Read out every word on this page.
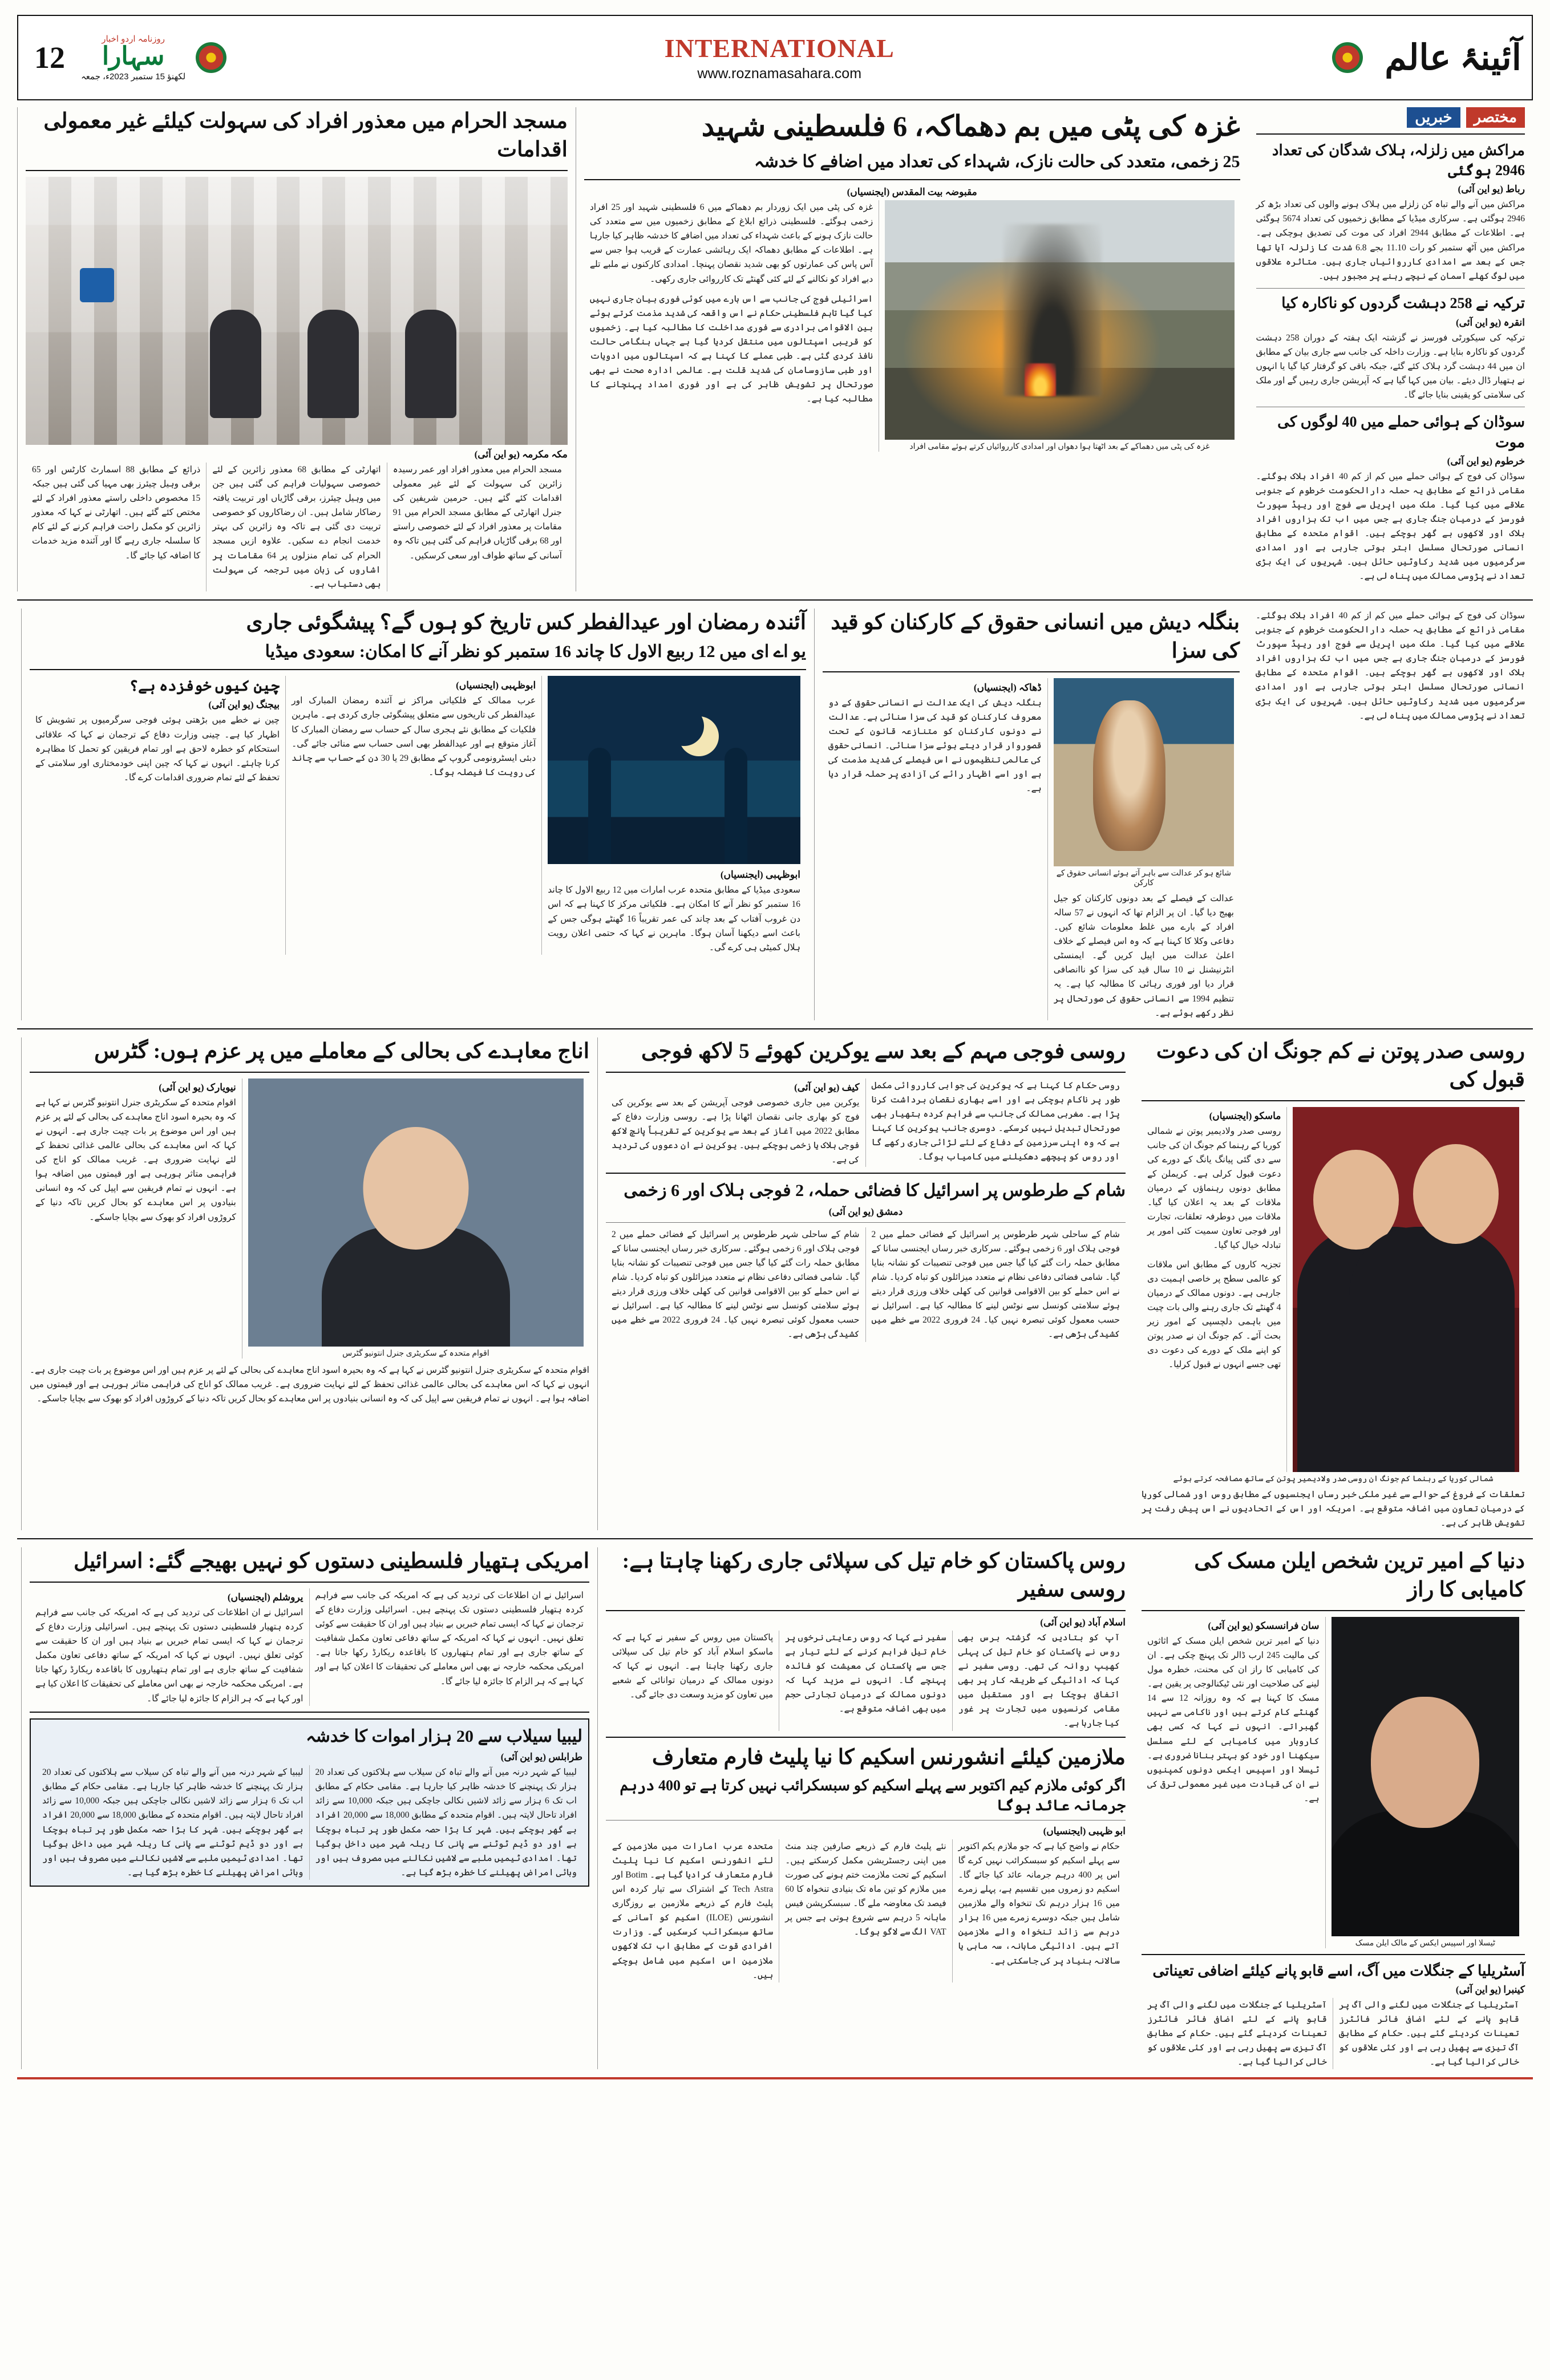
12
روزنامہ اردو اخبار
سہارا
لکھنؤ 15 ستمبر 2023ء، جمعہ
INTERNATIONAL
www.roznamasahara.com	آئینۂ عالم
مختصر
خبریں
مراکش میں زلزلہ، ہلاک شدگان کی تعداد 2946 ہوگئی
رباط (یو این آئی)
مراکش میں آنے والے تباہ کن زلزلے میں ہلاک ہونے والوں کی تعداد بڑھ کر 2946 ہوگئی ہے۔ سرکاری میڈیا کے مطابق زخمیوں کی تعداد 5674 ہوگئی ہے۔ اطلاعات کے مطابق 2944 افراد کی موت کی تصدیق ہوچکی ہے۔ مراکش میں آٹھ ستمبر کو رات 11.10 بجے 6.8 شدت کا زلزلہ آیا تھا جس کے بعد سے امدادی کارروائیاں جاری ہیں۔ متاثرہ علاقوں میں لوگ کھلے آسمان کے نیچے رہنے پر مجبور ہیں۔
ترکیہ نے 258 دہشت گردوں کو ناکارہ کیا
انقرہ (یو این آئی)
ترکیہ کی سیکورٹی فورسز نے گزشتہ ایک ہفتہ کے دوران 258 دہشت گردوں کو ناکارہ بنایا ہے۔ وزارت داخلہ کی جانب سے جاری بیان کے مطابق ان میں 44 دہشت گرد ہلاک کئے گئے، جبکہ باقی کو گرفتار کیا گیا یا انہوں نے ہتھیار ڈال دیئے۔ بیان میں کہا گیا ہے کہ آپریشن جاری رہیں گے اور ملک کی سلامتی کو یقینی بنایا جائے گا۔
سوڈان کے ہوائی حملے میں 40 لوگوں کی موت
خرطوم (یو این آئی)
سوڈان کی فوج کے ہوائی حملے میں کم از کم 40 افراد ہلاک ہوگئے۔ مقامی ذرائع کے مطابق یہ حملہ دارالحکومت خرطوم کے جنوبی علاقے میں کیا گیا۔ ملک میں اپریل سے فوج اور ریپڈ سپورٹ فورسز کے درمیان جنگ جاری ہے جس میں اب تک ہزاروں افراد ہلاک اور لاکھوں بے گھر ہوچکے ہیں۔ اقوام متحدہ کے مطابق انسانی صورتحال مسلسل ابتر ہوتی جارہی ہے اور امدادی سرگرمیوں میں شدید رکاوٹیں حائل ہیں۔ شہریوں کی ایک بڑی تعداد نے پڑوسی ممالک میں پناہ لی ہے۔
غزہ کی پٹی میں بم دھماکہ، 6 فلسطینی شہید
25 زخمی، متعدد کی حالت نازک، شہداء کی تعداد میں اضافے کا خدشہ
مقبوضہ بیت المقدس (ایجنسیاں)
غزہ کی پٹی میں دھماکے کے بعد اٹھتا ہوا دھواں اور امدادی کارروائیاں کرتے ہوئے مقامی افراد
غزہ کی پٹی میں ایک زوردار بم دھماکے میں 6 فلسطینی شہید اور 25 افراد زخمی ہوگئے۔ فلسطینی ذرائع ابلاغ کے مطابق زخمیوں میں سے متعدد کی حالت نازک ہونے کے باعث شہداء کی تعداد میں اضافے کا خدشہ ظاہر کیا جارہا ہے۔ اطلاعات کے مطابق دھماکہ ایک رہائشی عمارت کے قریب ہوا جس سے آس پاس کی عمارتوں کو بھی شدید نقصان پہنچا۔ امدادی کارکنوں نے ملبے تلے دبے افراد کو نکالنے کے لئے کئی گھنٹے تک کارروائی جاری رکھی۔
اسرائیلی فوج کی جانب سے اس بارے میں کوئی فوری بیان جاری نہیں کیا گیا تاہم فلسطینی حکام نے اس واقعہ کی شدید مذمت کرتے ہوئے بین الاقوامی برادری سے فوری مداخلت کا مطالبہ کیا ہے۔ زخمیوں کو قریبی اسپتالوں میں منتقل کردیا گیا ہے جہاں ہنگامی حالت نافذ کردی گئی ہے۔ طبی عملے کا کہنا ہے کہ اسپتالوں میں ادویات اور طبی سازوسامان کی شدید قلت ہے۔ عالمی ادارہ صحت نے بھی صورتحال پر تشویش ظاہر کی ہے اور فوری امداد پہنچانے کا مطالبہ کیا ہے۔
مسجد الحرام میں معذور افراد کی سہولت کیلئے غیر معمولی اقدامات
مکہ مکرمہ (یو این آئی)
مسجد الحرام میں معذور افراد اور عمر رسیدہ زائرین کی سہولت کے لئے غیر معمولی اقدامات کئے گئے ہیں۔ حرمین شریفین کی جنرل اتھارٹی کے مطابق مسجد الحرام میں 91 مقامات پر معذور افراد کے لئے خصوصی راستے اور 68 برقی گاڑیاں فراہم کی گئی ہیں تاکہ وہ آسانی کے ساتھ طواف اور سعی کرسکیں۔
اتھارٹی کے مطابق 68 معذور زائرین کے لئے خصوصی سہولیات فراہم کی گئی ہیں جن میں وہیل چیئرز، برقی گاڑیاں اور تربیت یافتہ رضاکار شامل ہیں۔ ان رضاکاروں کو خصوصی تربیت دی گئی ہے تاکہ وہ زائرین کی بہتر خدمت انجام دے سکیں۔ علاوہ ازیں مسجد الحرام کی تمام منزلوں پر 64 مقامات پر اشاروں کی زبان میں ترجمہ کی سہولت بھی دستیاب ہے۔
ذرائع کے مطابق 88 اسمارٹ کارٹس اور 65 برقی وہیل چیئرز بھی مہیا کی گئی ہیں جبکہ 15 مخصوص داخلی راستے معذور افراد کے لئے مختص کئے گئے ہیں۔ اتھارٹی نے کہا کہ معذور زائرین کو مکمل راحت فراہم کرنے کے لئے کام کا سلسلہ جاری رہے گا اور آئندہ مزید خدمات کا اضافہ کیا جائے گا۔
سوڈان کی فوج کے ہوائی حملے میں کم از کم 40 افراد ہلاک ہوگئے۔ مقامی ذرائع کے مطابق یہ حملہ دارالحکومت خرطوم کے جنوبی علاقے میں کیا گیا۔ ملک میں اپریل سے فوج اور ریپڈ سپورٹ فورسز کے درمیان جنگ جاری ہے جس میں اب تک ہزاروں افراد ہلاک اور لاکھوں بے گھر ہوچکے ہیں۔ اقوام متحدہ کے مطابق انسانی صورتحال مسلسل ابتر ہوتی جارہی ہے اور امدادی سرگرمیوں میں شدید رکاوٹیں حائل ہیں۔ شہریوں کی ایک بڑی تعداد نے پڑوسی ممالک میں پناہ لی ہے۔
بنگلہ دیش میں انسانی حقوق کے کارکنان کو قید کی سزا
شائع ہو کر عدالت سے باہر آتے ہوئے انسانی حقوق کے کارکن
عدالت کے فیصلے کے بعد دونوں کارکنان کو جیل بھیج دیا گیا۔ ان پر الزام تھا کہ انہوں نے 57 سالہ افراد کے بارے میں غلط معلومات شائع کیں۔ دفاعی وکلا کا کہنا ہے کہ وہ اس فیصلے کے خلاف اعلیٰ عدالت میں اپیل کریں گے۔ ایمنسٹی انٹرنیشنل نے 10 سال قید کی سزا کو ناانصافی قرار دیا اور فوری رہائی کا مطالبہ کیا ہے۔ یہ تنظیم 1994 سے انسانی حقوق کی صورتحال پر نظر رکھے ہوئے ہے۔
ڈھاکہ (ایجنسیاں)
بنگلہ دیش کی ایک عدالت نے انسانی حقوق کے دو معروف کارکنان کو قید کی سزا سنائی ہے۔ عدالت نے دونوں کارکنان کو متنازعہ قانون کے تحت قصوروار قرار دیتے ہوئے سزا سنائی۔ انسانی حقوق کی عالمی تنظیموں نے اس فیصلے کی شدید مذمت کی ہے اور اسے اظہار رائے کی آزادی پر حملہ قرار دیا ہے۔
آئندہ رمضان اور عیدالفطر کس تاریخ کو ہوں گے؟ پیشگوئی جاری
یو اے ای میں 12 ربیع الاول کا چاند 16 ستمبر کو نظر آنے کا امکان: سعودی میڈیا
ابوظہبی (ایجنسیاں)
سعودی میڈیا کے مطابق متحدہ عرب امارات میں 12 ربیع الاول کا چاند 16 ستمبر کو نظر آنے کا امکان ہے۔ فلکیاتی مرکز کا کہنا ہے کہ اس دن غروب آفتاب کے بعد چاند کی عمر تقریباً 16 گھنٹے ہوگی جس کے باعث اسے دیکھنا آسان ہوگا۔ ماہرین نے کہا کہ حتمی اعلان رویت ہلال کمیٹی ہی کرے گی۔
ابوظہبی (ایجنسیاں)
عرب ممالک کے فلکیاتی مراکز نے آئندہ رمضان المبارک اور عیدالفطر کی تاریخوں سے متعلق پیشگوئی جاری کردی ہے۔ ماہرین فلکیات کے مطابق نئے ہجری سال کے حساب سے رمضان المبارک کا آغاز متوقع ہے اور عیدالفطر بھی اسی حساب سے منائی جائے گی۔ دبئی ایسٹرونومی گروپ کے مطابق 29 یا 30 دن کے حساب سے چاند کی رویت کا فیصلہ ہوگا۔
چین کیوں خوفزدہ ہے؟
بیجنگ (یو این آئی)
چین نے خطے میں بڑھتی ہوئی فوجی سرگرمیوں پر تشویش کا اظہار کیا ہے۔ چینی وزارت دفاع کے ترجمان نے کہا کہ علاقائی استحکام کو خطرہ لاحق ہے اور تمام فریقین کو تحمل کا مظاہرہ کرنا چاہئے۔ انہوں نے کہا کہ چین اپنی خودمختاری اور سلامتی کے تحفظ کے لئے تمام ضروری اقدامات کرے گا۔
روسی صدر پوتن نے کم جونگ ان کی دعوت قبول کی
ماسکو (ایجنسیاں)
روسی صدر ولادیمیر پوتن نے شمالی کوریا کے رہنما کم جونگ ان کی جانب سے دی گئی پیانگ یانگ کے دورے کی دعوت قبول کرلی ہے۔ کریملن کے مطابق دونوں رہنماؤں کے درمیان ملاقات کے بعد یہ اعلان کیا گیا۔ ملاقات میں دوطرفہ تعلقات، تجارت اور فوجی تعاون سمیت کئی امور پر تبادلہ خیال کیا گیا۔
تجزیہ کاروں کے مطابق اس ملاقات کو عالمی سطح پر خاصی اہمیت دی جارہی ہے۔ دونوں ممالک کے درمیان 4 گھنٹے تک جاری رہنے والی بات چیت میں باہمی دلچسپی کے امور زیر بحث آئے۔ کم جونگ ان نے صدر پوتن کو اپنے ملک کے دورے کی دعوت دی تھی جسے انہوں نے قبول کرلیا۔
شمالی کوریا کے رہنما کم جونگ ان روسی صدر ولادیمیر پوتن کے ساتھ مصافحہ کرتے ہوئے
تعلقات کے فروغ کے حوالے سے غیر ملکی خبر رساں ایجنسیوں کے مطابق روس اور شمالی کوریا کے درمیان تعاون میں اضافہ متوقع ہے۔ امریکہ اور اس کے اتحادیوں نے اس پیش رفت پر تشویش ظاہر کی ہے۔
روسی فوجی مہم کے بعد سے یوکرین کھوئے 5 لاکھ فوجی
روسی حکام کا کہنا ہے کہ یوکرین کی جوابی کارروائی مکمل طور پر ناکام ہوچکی ہے اور اسے بھاری نقصان برداشت کرنا پڑا ہے۔ مغربی ممالک کی جانب سے فراہم کردہ ہتھیار بھی صورتحال تبدیل نہیں کرسکے۔ دوسری جانب یوکرین کا کہنا ہے کہ وہ اپنی سرزمین کے دفاع کے لئے لڑائی جاری رکھے گا اور روس کو پیچھے دھکیلنے میں کامیاب ہوگا۔
کیف (یو این آئی)
یوکرین میں جاری خصوصی فوجی آپریشن کے بعد سے یوکرین کی فوج کو بھاری جانی نقصان اٹھانا پڑا ہے۔ روسی وزارت دفاع کے مطابق 2022 میں آغاز کے بعد سے یوکرین کے تقریباً پانچ لاکھ فوجی ہلاک یا زخمی ہوچکے ہیں۔ یوکرین نے ان دعووں کی تردید کی ہے۔
شام کے طرطوس پر اسرائیل کا فضائی حملہ، 2 فوجی ہلاک اور 6 زخمی
دمشق (یو این آئی)
شام کے ساحلی شہر طرطوس پر اسرائیل کے فضائی حملے میں 2 فوجی ہلاک اور 6 زخمی ہوگئے۔ سرکاری خبر رساں ایجنسی سانا کے مطابق حملہ رات گئے کیا گیا جس میں فوجی تنصیبات کو نشانہ بنایا گیا۔ شامی فضائی دفاعی نظام نے متعدد میزائلوں کو تباہ کردیا۔ شام نے اس حملے کو بین الاقوامی قوانین کی کھلی خلاف ورزی قرار دیتے ہوئے سلامتی کونسل سے نوٹس لینے کا مطالبہ کیا ہے۔ اسرائیل نے حسب معمول کوئی تبصرہ نہیں کیا۔ 24 فروری 2022 سے خطے میں کشیدگی بڑھی ہے۔
شام کے ساحلی شہر طرطوس پر اسرائیل کے فضائی حملے میں 2 فوجی ہلاک اور 6 زخمی ہوگئے۔ سرکاری خبر رساں ایجنسی سانا کے مطابق حملہ رات گئے کیا گیا جس میں فوجی تنصیبات کو نشانہ بنایا گیا۔ شامی فضائی دفاعی نظام نے متعدد میزائلوں کو تباہ کردیا۔ شام نے اس حملے کو بین الاقوامی قوانین کی کھلی خلاف ورزی قرار دیتے ہوئے سلامتی کونسل سے نوٹس لینے کا مطالبہ کیا ہے۔ اسرائیل نے حسب معمول کوئی تبصرہ نہیں کیا۔ 24 فروری 2022 سے خطے میں کشیدگی بڑھی ہے۔
اناج معاہدے کی بحالی کے معاملے میں پر عزم ہوں: گٹرس
اقوام متحدہ کے سکریٹری جنرل انتونیو گٹرس
نیویارک (یو این آئی)
اقوام متحدہ کے سکریٹری جنرل انتونیو گٹرس نے کہا ہے کہ وہ بحیرہ اسود اناج معاہدے کی بحالی کے لئے پر عزم ہیں اور اس موضوع پر بات چیت جاری ہے۔ انہوں نے کہا کہ اس معاہدے کی بحالی عالمی غذائی تحفظ کے لئے نہایت ضروری ہے۔ غریب ممالک کو اناج کی فراہمی متاثر ہورہی ہے اور قیمتوں میں اضافہ ہوا ہے۔ انہوں نے تمام فریقین سے اپیل کی کہ وہ انسانی بنیادوں پر اس معاہدے کو بحال کریں تاکہ دنیا کے کروڑوں افراد کو بھوک سے بچایا جاسکے۔
اقوام متحدہ کے سکریٹری جنرل انتونیو گٹرس نے کہا ہے کہ وہ بحیرہ اسود اناج معاہدے کی بحالی کے لئے پر عزم ہیں اور اس موضوع پر بات چیت جاری ہے۔ انہوں نے کہا کہ اس معاہدے کی بحالی عالمی غذائی تحفظ کے لئے نہایت ضروری ہے۔ غریب ممالک کو اناج کی فراہمی متاثر ہورہی ہے اور قیمتوں میں اضافہ ہوا ہے۔ انہوں نے تمام فریقین سے اپیل کی کہ وہ انسانی بنیادوں پر اس معاہدے کو بحال کریں تاکہ دنیا کے کروڑوں افراد کو بھوک سے بچایا جاسکے۔
دنیا کے امیر ترین شخص ایلن مسک کی کامیابی کا راز
ٹیسلا اور اسپیس ایکس کے مالک ایلن مسک
سان فرانسسکو (یو این آئی)
دنیا کے امیر ترین شخص ایلن مسک کے اثاثوں کی مالیت 245 ارب ڈالر تک پہنچ چکی ہے۔ ان کی کامیابی کا راز ان کی محنت، خطرہ مول لینے کی صلاحیت اور نئی ٹیکنالوجی پر یقین ہے۔ مسک کا کہنا ہے کہ وہ روزانہ 12 سے 14 گھنٹے کام کرتے ہیں اور ناکامی سے نہیں گھبراتے۔ انہوں نے کہا کہ کسی بھی کاروبار میں کامیابی کے لئے مسلسل سیکھنا اور خود کو بہتر بنانا ضروری ہے۔ ٹیسلا اور اسپیس ایکس دونوں کمپنیوں نے ان کی قیادت میں غیر معمولی ترقی کی ہے۔
آسٹریلیا کے جنگلات میں آگ، اسے قابو پانے کیلئے اضافی تعیناتی
کینبرا (یو این آئی)
آسٹریلیا کے جنگلات میں لگنے والی آگ پر قابو پانے کے لئے اضافی فائر فائٹرز تعینات کردیئے گئے ہیں۔ حکام کے مطابق آگ تیزی سے پھیل رہی ہے اور کئی علاقوں کو خالی کرالیا گیا ہے۔
آسٹریلیا کے جنگلات میں لگنے والی آگ پر قابو پانے کے لئے اضافی فائر فائٹرز تعینات کردیئے گئے ہیں۔ حکام کے مطابق آگ تیزی سے پھیل رہی ہے اور کئی علاقوں کو خالی کرالیا گیا ہے۔
روس پاکستان کو خام تیل کی سپلائی جاری رکھنا چاہتا ہے: روسی سفیر
اسلام آباد (یو این آئی)
آپ کو بتادیں کہ گزشتہ برس بھی روس نے پاکستان کو خام تیل کی پہلی کھیپ روانہ کی تھی۔ روسی سفیر نے کہا کہ ادائیگی کے طریقہ کار پر بھی اتفاق ہوچکا ہے اور مستقبل میں مقامی کرنسیوں میں تجارت پر غور کیا جارہا ہے۔
سفیر نے کہا کہ روس رعایتی نرخوں پر خام تیل فراہم کرنے کے لئے تیار ہے جس سے پاکستان کی معیشت کو فائدہ پہنچے گا۔ انہوں نے مزید کہا کہ دونوں ممالک کے درمیان تجارتی حجم میں بھی اضافہ متوقع ہے۔
پاکستان میں روس کے سفیر نے کہا ہے کہ ماسکو اسلام آباد کو خام تیل کی سپلائی جاری رکھنا چاہتا ہے۔ انہوں نے کہا کہ دونوں ممالک کے درمیان توانائی کے شعبے میں تعاون کو مزید وسعت دی جائے گی۔
ملازمین کیلئے انشورنس اسکیم کا نیا پلیٹ فارم متعارف
اگر کوئی ملازم کیم اکتوبر سے پہلے اسکیم کو سبسکرائب نہیں کرتا ہے تو 400 درہم جرمانہ عائد ہوگا
ابو ظہبی (ایجنسیاں)
حکام نے واضح کیا ہے کہ جو ملازم یکم اکتوبر سے پہلے اسکیم کو سبسکرائب نہیں کرے گا اس پر 400 درہم جرمانہ عائد کیا جائے گا۔ اسکیم دو زمروں میں تقسیم ہے، پہلے زمرے میں 16 ہزار درہم تک تنخواہ والے ملازمین شامل ہیں جبکہ دوسرے زمرے میں 16 ہزار درہم سے زائد تنخواہ والے ملازمین آتے ہیں۔ ادائیگی ماہانہ، سہ ماہی یا سالانہ بنیاد پر کی جاسکتی ہے۔
نئے پلیٹ فارم کے ذریعے صارفین چند منٹ میں اپنی رجسٹریشن مکمل کرسکتے ہیں۔ اسکیم کے تحت ملازمت ختم ہونے کی صورت میں ملازم کو تین ماہ تک بنیادی تنخواہ کا 60 فیصد تک معاوضہ ملے گا۔ سبسکرپشن فیس ماہانہ 5 درہم سے شروع ہوتی ہے جس پر VAT الگ سے لاگو ہوگا۔
متحدہ عرب امارات میں ملازمین کے لئے انشورنس اسکیم کا نیا پلیٹ فارم متعارف کرادیا گیا ہے۔ Botim اور Tech Astra کے اشتراک سے تیار کردہ اس پلیٹ فارم کے ذریعے ملازمین بے روزگاری انشورنس (ILOE) اسکیم کو آسانی کے ساتھ سبسکرائب کرسکیں گے۔ وزارت افرادی قوت کے مطابق اب تک لاکھوں ملازمین اس اسکیم میں شامل ہوچکے ہیں۔
امریکی ہتھیار فلسطینی دستوں کو نہیں بھیجے گئے: اسرائیل
اسرائیل نے ان اطلاعات کی تردید کی ہے کہ امریکہ کی جانب سے فراہم کردہ ہتھیار فلسطینی دستوں تک پہنچے ہیں۔ اسرائیلی وزارت دفاع کے ترجمان نے کہا کہ ایسی تمام خبریں بے بنیاد ہیں اور ان کا حقیقت سے کوئی تعلق نہیں۔ انہوں نے کہا کہ امریکہ کے ساتھ دفاعی تعاون مکمل شفافیت کے ساتھ جاری ہے اور تمام ہتھیاروں کا باقاعدہ ریکارڈ رکھا جاتا ہے۔ امریکی محکمہ خارجہ نے بھی اس معاملے کی تحقیقات کا اعلان کیا ہے اور کہا ہے کہ ہر الزام کا جائزہ لیا جائے گا۔
یروشلم (ایجنسیاں)
اسرائیل نے ان اطلاعات کی تردید کی ہے کہ امریکہ کی جانب سے فراہم کردہ ہتھیار فلسطینی دستوں تک پہنچے ہیں۔ اسرائیلی وزارت دفاع کے ترجمان نے کہا کہ ایسی تمام خبریں بے بنیاد ہیں اور ان کا حقیقت سے کوئی تعلق نہیں۔ انہوں نے کہا کہ امریکہ کے ساتھ دفاعی تعاون مکمل شفافیت کے ساتھ جاری ہے اور تمام ہتھیاروں کا باقاعدہ ریکارڈ رکھا جاتا ہے۔ امریکی محکمہ خارجہ نے بھی اس معاملے کی تحقیقات کا اعلان کیا ہے اور کہا ہے کہ ہر الزام کا جائزہ لیا جائے گا۔
لیبیا سیلاب سے 20 ہزار اموات کا خدشہ
طرابلس (یو این آئی)
لیبیا کے شہر درنہ میں آنے والے تباہ کن سیلاب سے ہلاکتوں کی تعداد 20 ہزار تک پہنچنے کا خدشہ ظاہر کیا جارہا ہے۔ مقامی حکام کے مطابق اب تک 6 ہزار سے زائد لاشیں نکالی جاچکی ہیں جبکہ 10,000 سے زائد افراد تاحال لاپتہ ہیں۔ اقوام متحدہ کے مطابق 18,000 سے 20,000 افراد بے گھر ہوچکے ہیں۔ شہر کا بڑا حصہ مکمل طور پر تباہ ہوچکا ہے اور دو ڈیم ٹوٹنے سے پانی کا ریلہ شہر میں داخل ہوگیا تھا۔ امدادی ٹیمیں ملبے سے لاشیں نکالنے میں مصروف ہیں اور وبائی امراض پھیلنے کا خطرہ بڑھ گیا ہے۔
لیبیا کے شہر درنہ میں آنے والے تباہ کن سیلاب سے ہلاکتوں کی تعداد 20 ہزار تک پہنچنے کا خدشہ ظاہر کیا جارہا ہے۔ مقامی حکام کے مطابق اب تک 6 ہزار سے زائد لاشیں نکالی جاچکی ہیں جبکہ 10,000 سے زائد افراد تاحال لاپتہ ہیں۔ اقوام متحدہ کے مطابق 18,000 سے 20,000 افراد بے گھر ہوچکے ہیں۔ شہر کا بڑا حصہ مکمل طور پر تباہ ہوچکا ہے اور دو ڈیم ٹوٹنے سے پانی کا ریلہ شہر میں داخل ہوگیا تھا۔ امدادی ٹیمیں ملبے سے لاشیں نکالنے میں مصروف ہیں اور وبائی امراض پھیلنے کا خطرہ بڑھ گیا ہے۔
